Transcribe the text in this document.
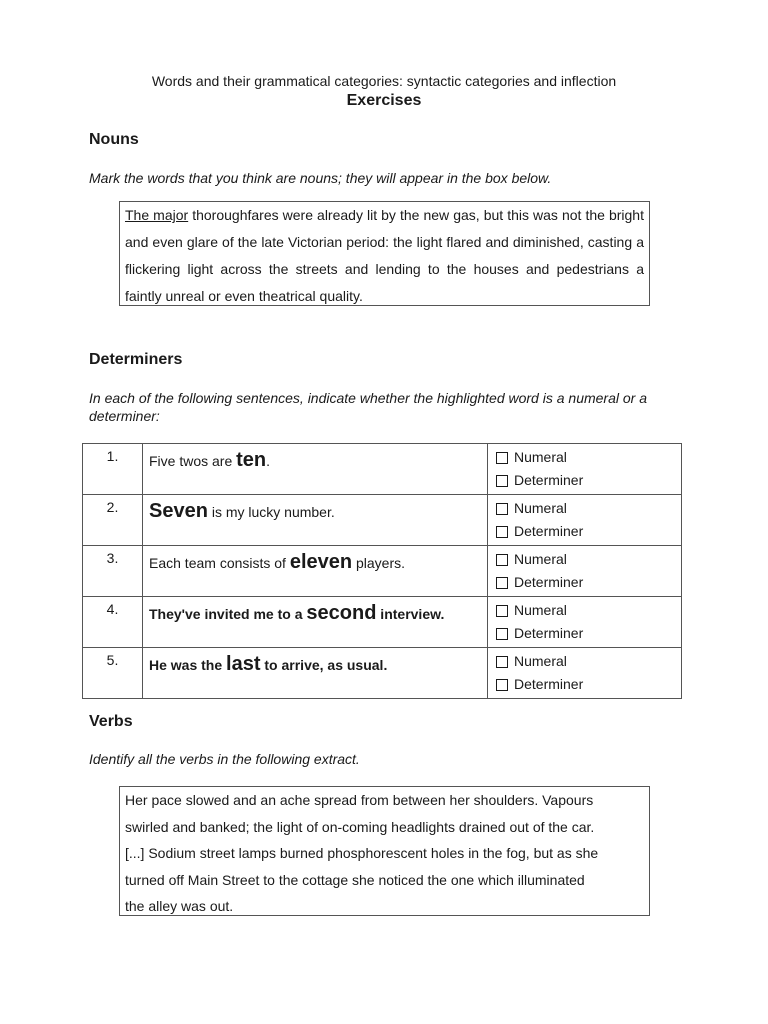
Words and their grammatical categories: syntactic categories and inflection
Exercises
Nouns
Mark the words that you think are nouns; they will appear in the box below.
The major thoroughfares were already lit by the new gas, but this was not the bright and even glare of the late Victorian period: the light flared and diminished, casting a flickering light across the streets and lending to the houses and pedestrians a faintly unreal or even theatrical quality.
Determiners
In each of the following sentences, indicate whether the highlighted word is a numeral or a determiner:
1.	Five twos are ten.	Numeral
Determiner

2.	Seven is my lucky number.	Numeral
Determiner

3.	Each team consists of eleven players.	Numeral
Determiner

4.	They've invited me to a second interview.	Numeral
Determiner

5.	He was the last to arrive, as usual.	Numeral
Determiner
Verbs
Identify all the verbs in the following extract.
Her pace slowed and an ache spread from between her shoulders. Vapours
swirled and banked; the light of on-coming headlights drained out of the car.
[...] Sodium street lamps burned phosphorescent holes in the fog, but as she
turned off Main Street to the cottage she noticed the one which illuminated
the alley was out.
